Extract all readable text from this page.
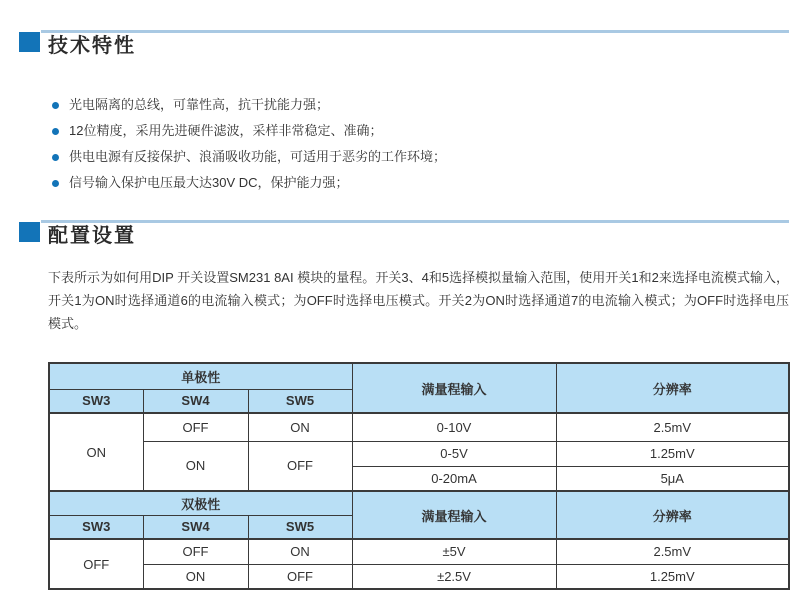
技术特性
光电隔离的总线，可靠性高，抗干扰能力强；
12位精度，采用先进硬件滤波，采样非常稳定、准确；
供电电源有反接保护、浪涌吸收功能，可适用于恶劣的工作环境；
信号输入保护电压最大达30V DC，保护能力强；
配置设置

下表所示为如何用DIP 开关设置SM231 8AI 模块的量程。开关3、4和5选择模拟量输入范围，使用开关1和2来选择电流模式输入，开关1为ON时选择通道6的电流输入模式；为OFF时选择电压模式。开关2为ON时选择通道7的电流输入模式；为OFF时选择电压模式。

单极性			满量程输入	分辨率
SW3	SW4	SW5		
ON	OFF	ON	0-10V	2.5mV
	ON	OFF	0-5V	1.25mV
			0-20mA	5μA
双极性			满量程输入	分辨率
SW3	SW4	SW5		
OFF	OFF	ON	±5V	2.5mV
	ON	OFF	±2.5V	1.25mV
